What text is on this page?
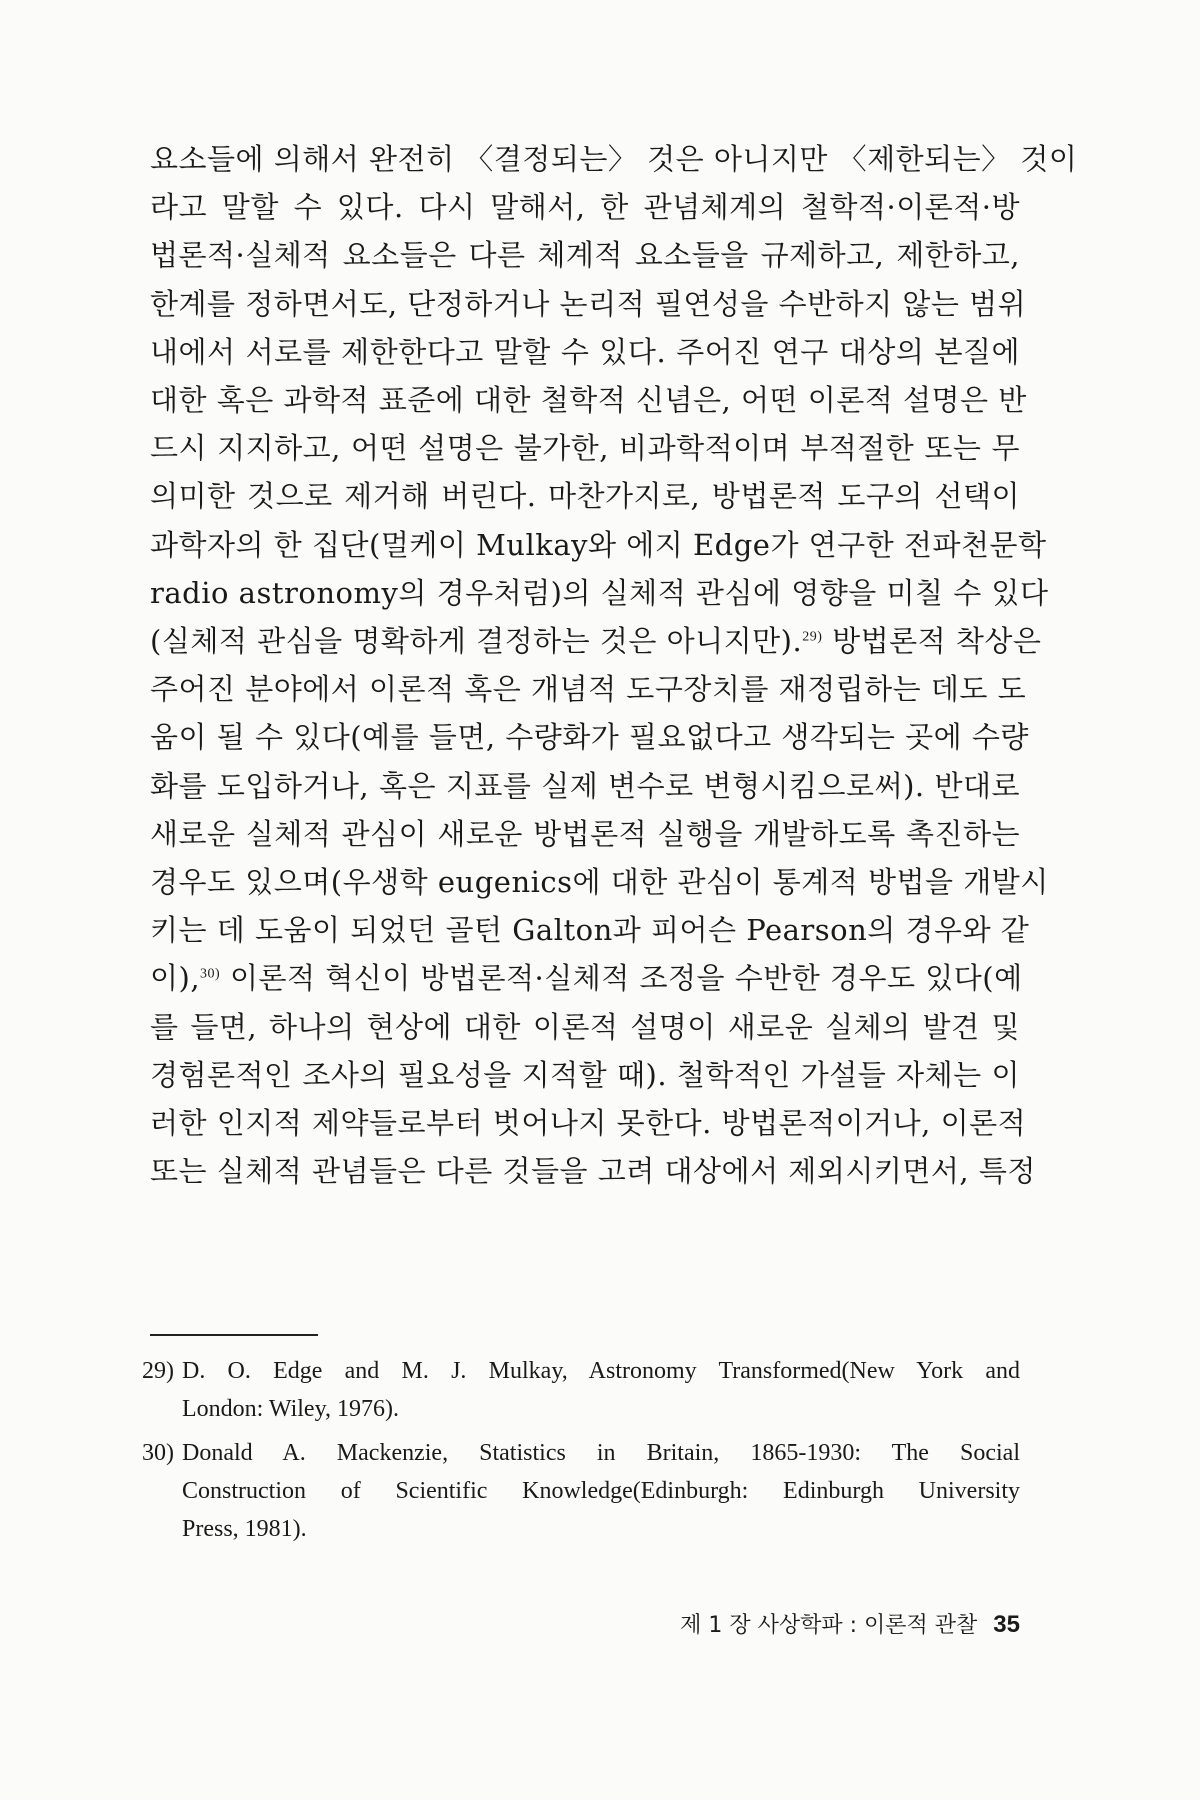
요소들에 의해서 완전히 〈결정되는〉 것은 아니지만 〈제한되는〉 것이
라고 말할 수 있다. 다시 말해서, 한 관념체계의 철학적·이론적·방
법론적·실체적 요소들은 다른 체계적 요소들을 규제하고, 제한하고,
한계를 정하면서도, 단정하거나 논리적 필연성을 수반하지 않는 범위
내에서 서로를 제한한다고 말할 수 있다. 주어진 연구 대상의 본질에
대한 혹은 과학적 표준에 대한 철학적 신념은, 어떤 이론적 설명은 반
드시 지지하고, 어떤 설명은 불가한, 비과학적이며 부적절한 또는 무
의미한 것으로 제거해 버린다. 마찬가지로, 방법론적 도구의 선택이
과학자의 한 집단(멀케이 Mulkay와 에지 Edge가 연구한 전파천문학
radio astronomy의 경우처럼)의 실체적 관심에 영향을 미칠 수 있다
(실체적 관심을 명확하게 결정하는 것은 아니지만).$^{29)}$ 방법론적 착상은
주어진 분야에서 이론적 혹은 개념적 도구장치를 재정립하는 데도 도
움이 될 수 있다(예를 들면, 수량화가 필요없다고 생각되는 곳에 수량
화를 도입하거나, 혹은 지표를 실제 변수로 변형시킴으로써). 반대로
새로운 실체적 관심이 새로운 방법론적 실행을 개발하도록 촉진하는
경우도 있으며(우생학 eugenics에 대한 관심이 통계적 방법을 개발시
키는 데 도움이 되었던 골턴 Galton과 피어슨 Pearson의 경우와 같
이),$^{30)}$ 이론적 혁신이 방법론적·실체적 조정을 수반한 경우도 있다(예
를 들면, 하나의 현상에 대한 이론적 설명이 새로운 실체의 발견 및
경험론적인 조사의 필요성을 지적할 때). 철학적인 가설들 자체는 이
러한 인지적 제약들로부터 벗어나지 못한다. 방법론적이거나, 이론적
또는 실체적 관념들은 다른 것들을 고려 대상에서 제외시키면서, 특정
29) D. O. Edge and M. J. Mulkay, Astronomy Transformed(New York and
London: Wiley, 1976).
30) Donald A. Mackenzie, Statistics in Britain, 1865-1930: The Social
Construction of Scientific Knowledge(Edinburgh: Edinburgh University
Press, 1981).
제 1 장 사상학파 : 이론적 관찰 35
